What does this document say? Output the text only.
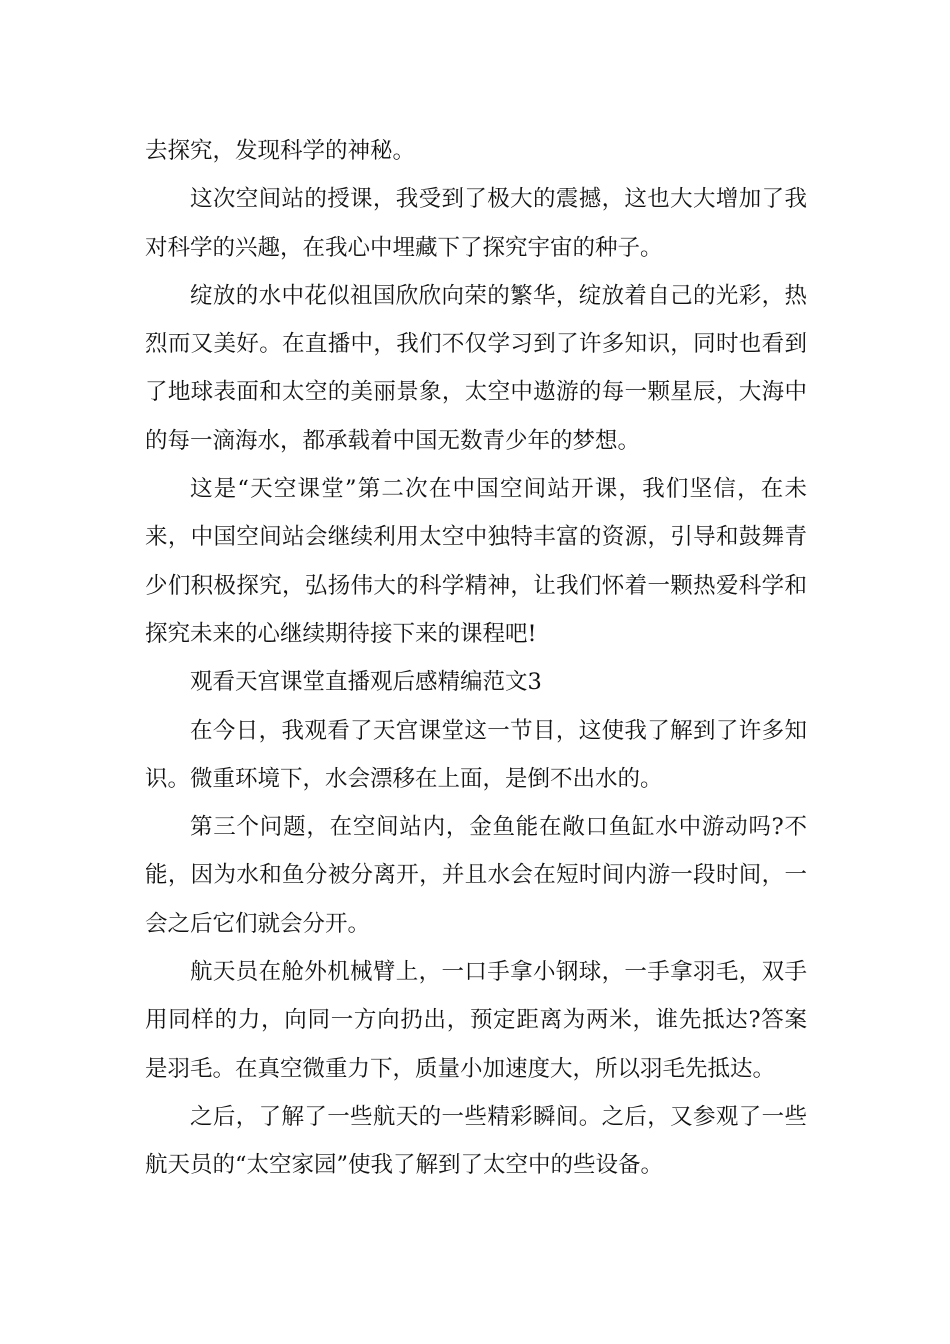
去探究，发现科学的神秘。

这次空间站的授课，我受到了极大的震撼，这也大大增加了我对科学的兴趣，在我心中埋藏下了探究宇宙的种子。

绽放的水中花似祖国欣欣向荣的繁华，绽放着自己的光彩，热烈而又美好。在直播中，我们不仅学习到了许多知识，同时也看到了地球表面和太空的美丽景象，太空中遨游的每一颗星辰，大海中的每一滴海水，都承载着中国无数青少年的梦想。

这是“天空课堂”第二次在中国空间站开课，我们坚信，在未来，中国空间站会继续利用太空中独特丰富的资源，引导和鼓舞青少们积极探究，弘扬伟大的科学精神，让我们怀着一颗热爱科学和探究未来的心继续期待接下来的课程吧!

观看天宫课堂直播观后感精编范文3

在今日，我观看了天宫课堂这一节目，这使我了解到了许多知识。微重环境下，水会漂移在上面，是倒不出水的。

第三个问题，在空间站内，金鱼能在敞口鱼缸水中游动吗?不能，因为水和鱼分被分离开，并且水会在短时间内游一段时间，一会之后它们就会分开。

航天员在舱外机械臂上，一口手拿小钢球，一手拿羽毛，双手用同样的力，向同一方向扔出，预定距离为两米，谁先抵达?答案是羽毛。在真空微重力下，质量小加速度大，所以羽毛先抵达。

之后，了解了一些航天的一些精彩瞬间。之后，又参观了一些航天员的“太空家园”使我了解到了太空中的些设备。
